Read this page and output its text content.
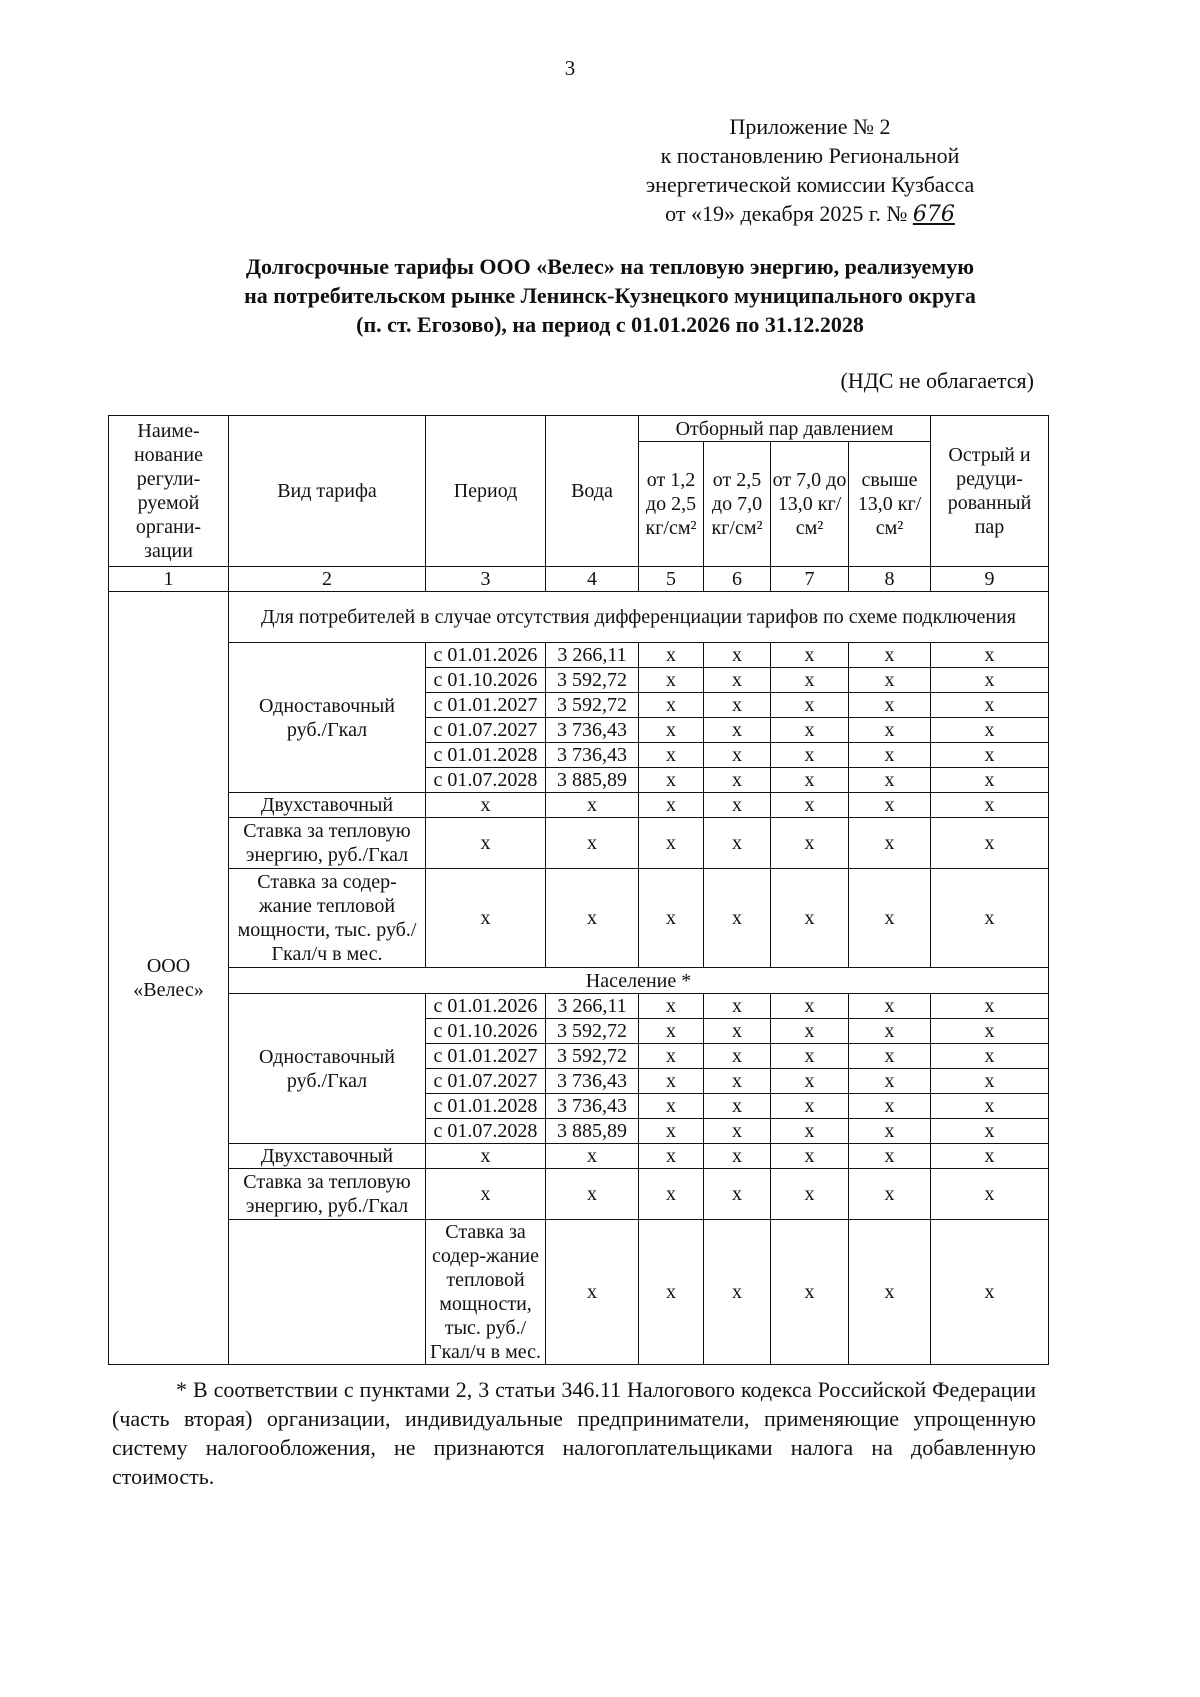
3
Приложение № 2
к постановлению Региональной
энергетической комиссии Кузбасса
от «19» декабря 2025 г. № 676
Долгосрочные тарифы ООО «Велес» на тепловую энергию, реализуемую
на потребительском рынке Ленинск-Кузнецкого муниципального округа
(п. ст. Егозово), на период с 01.01.2026 по 31.12.2028
(НДС не облагается)
Наиме-нование регули-руемой органи-зации	Вид тарифа	Период	Вода	Отборный пар давлением				Острый и редуци-рованный пар	
				от 1,2 до 2,5 кг/см²	от 2,5 до 7,0 кг/см²	от 7,0 до 13,0 кг/см²	свыше 13,0 кг/см²		
1	2	3	4	5	6	7	8	9	
ООО «Велес»	Для потребителей в случае отсутствия дифференциации тарифов по схеме подключения								
	Одноставочный руб./Гкал	с 01.01.2026	3 266,11	x	x	x	x	x	
		с 01.10.2026	3 592,72	x	x	x	x	x	
		с 01.01.2027	3 592,72	x	x	x	x	x	
		с 01.07.2027	3 736,43	x	x	x	x	x	
		с 01.01.2028	3 736,43	x	x	x	x	x	
		с 01.07.2028	3 885,89	x	x	x	x	x	
	Двухставочный	x	x	x	x	x	x	x	
	Ставка за тепловую энергию, руб./Гкал	x	x	x	x	x	x	x	
	Ставка за содер-жание тепловой мощности, тыс. руб./Гкал/ч в мес.	x	x	x	x	x	x	x	
	Население *								
	Одноставочный руб./Гкал	с 01.01.2026	3 266,11	x	x	x	x	x	
		с 01.10.2026	3 592,72	x	x	x	x	x	
		с 01.01.2027	3 592,72	x	x	x	x	x	
		с 01.07.2027	3 736,43	x	x	x	x	x	
		с 01.01.2028	3 736,43	x	x	x	x	x	
		с 01.07.2028	3 885,89	x	x	x	x	x	
	Двухставочный	x	x	x	x	x	x	x	
	Ставка за тепловую энергию, руб./Гкал	x	x	x	x	x	x	x	
		Ставка за содер-жание тепловой мощности, тыс. руб./Гкал/ч в мес.	x	x	x	x	x	x	
* В соответствии с пунктами 2, 3 статьи 346.11 Налогового кодекса Российской Федерации (часть вторая) организации, индивидуальные предприниматели, применяющие упрощенную систему налогообложения, не признаются налогоплательщиками налога на добавленную стоимость.
